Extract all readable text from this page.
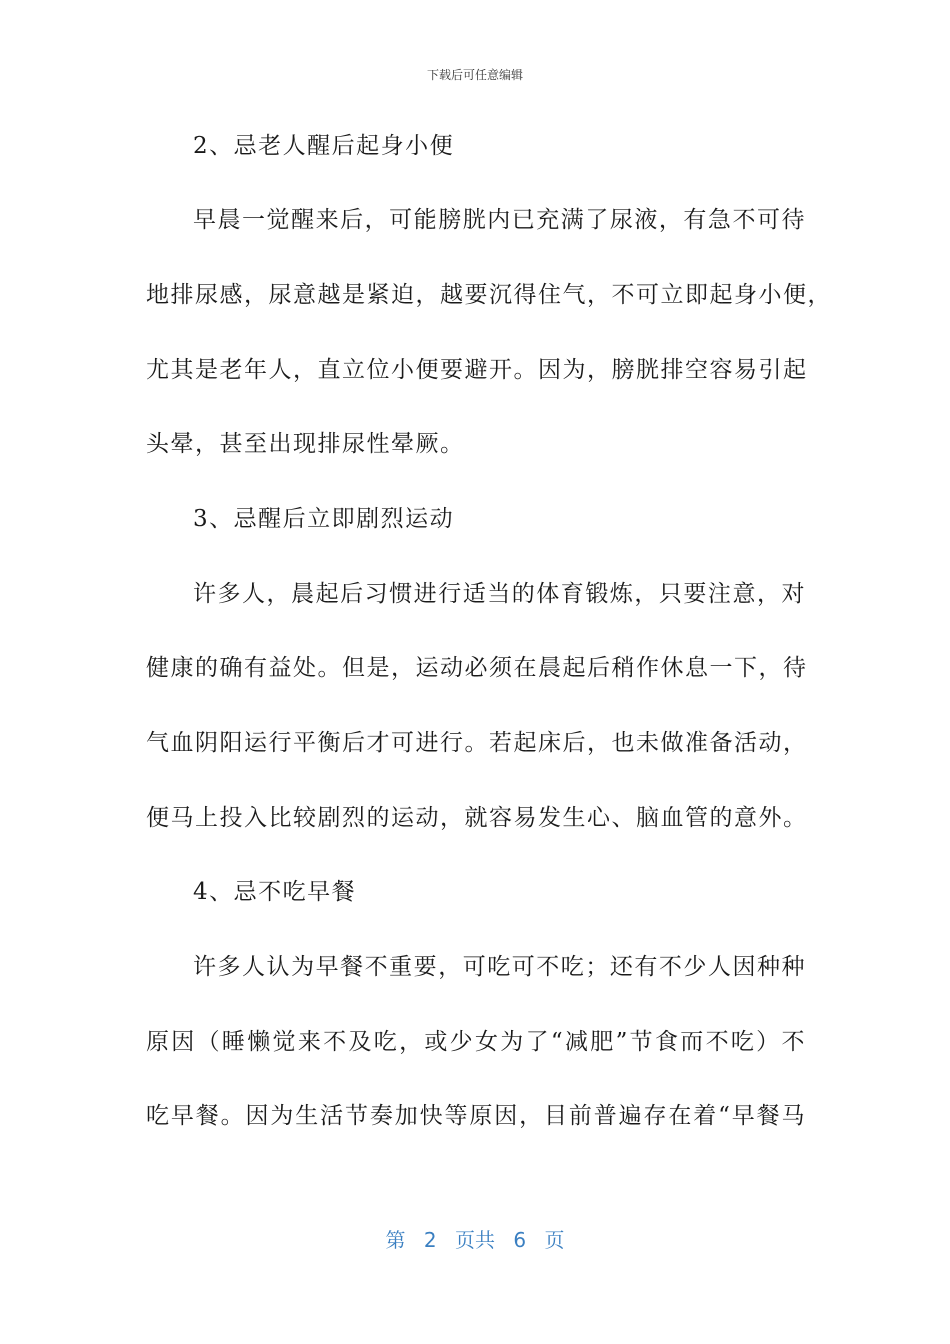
下载后可任意编辑
2、忌老人醒后起身小便
早晨一觉醒来后，可能膀胱内已充满了尿液，有急不可待
地排尿感，尿意越是紧迫，越要沉得住气，不可立即起身小便，
尤其是老年人，直立位小便要避开。因为，膀胱排空容易引起
头晕，甚至出现排尿性晕厥。
3、忌醒后立即剧烈运动
许多人，晨起后习惯进行适当的体育锻炼，只要注意，对
健康的确有益处。但是，运动必须在晨起后稍作休息一下，待
气血阴阳运行平衡后才可进行。若起床后，也未做准备活动，
便马上投入比较剧烈的运动，就容易发生心、脑血管的意外。
4、忌不吃早餐
许多人认为早餐不重要，可吃可不吃；还有不少人因种种
原因（睡懒觉来不及吃，或少女为了“减肥”节食而不吃）不
吃早餐。因为生活节奏加快等原因，目前普遍存在着“早餐马
第 2 页共 6 页
